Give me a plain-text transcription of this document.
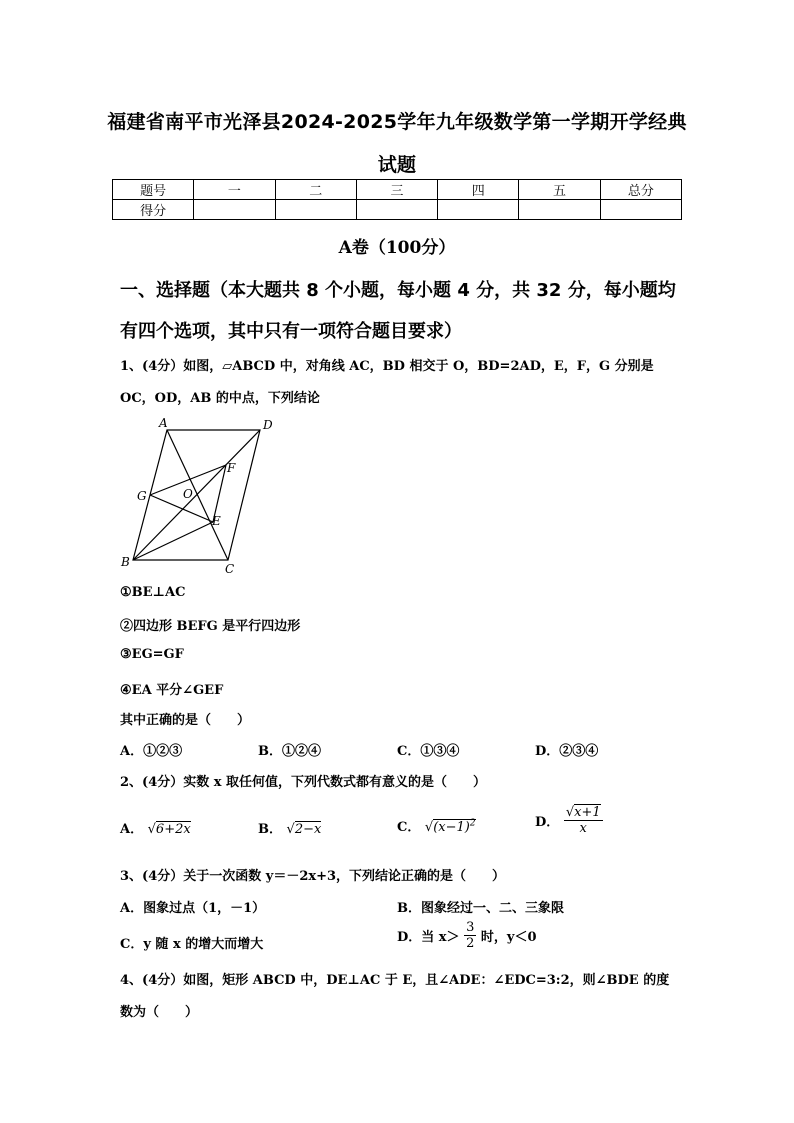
福建省南平市光泽县2024-2025学年九年级数学第一学期开学经典
试题
题号	一	二	三	四	五	总分
得分						
A卷（100分）
一、选择题（本大题共 8 个小题，每小题 4 分，共 32 分，每小题均
有四个选项，其中只有一项符合题目要求）
1、(4分）如图，▱ABCD 中，对角线 AC，BD 相交于 O，BD=2AD，E，F，G 分别是
OC，OD，AB 的中点，下列结论
A	D
B	C
O
F
E
G
①BE⊥AC
②四边形 BEFG 是平行四边形
③EG=GF
④EA 平分∠GEF
其中正确的是（　　）
A．①②③	B．①②④	C．①③④	D．②③④
2、(4分）实数 x 取任何值，下列代数式都有意义的是（　　）
A． √6+2x	B． √2−x	C． $√(x-1)^2$	D． $\frac{√x+1}{x}$
3、(4分）关于一次函数 y＝－2x+3，下列结论正确的是（　　）
A．图象过点（1，－1）	B．图象经过一、二、三象限
C．y 随 x 的增大而增大	D．当 $x> \frac{3}{2}$ 时，y＜0
4、(4分）如图，矩形 ABCD 中，DE⊥AC 于 E，且∠ADE：∠EDC=3:2，则∠BDE 的度
数为（　　）
